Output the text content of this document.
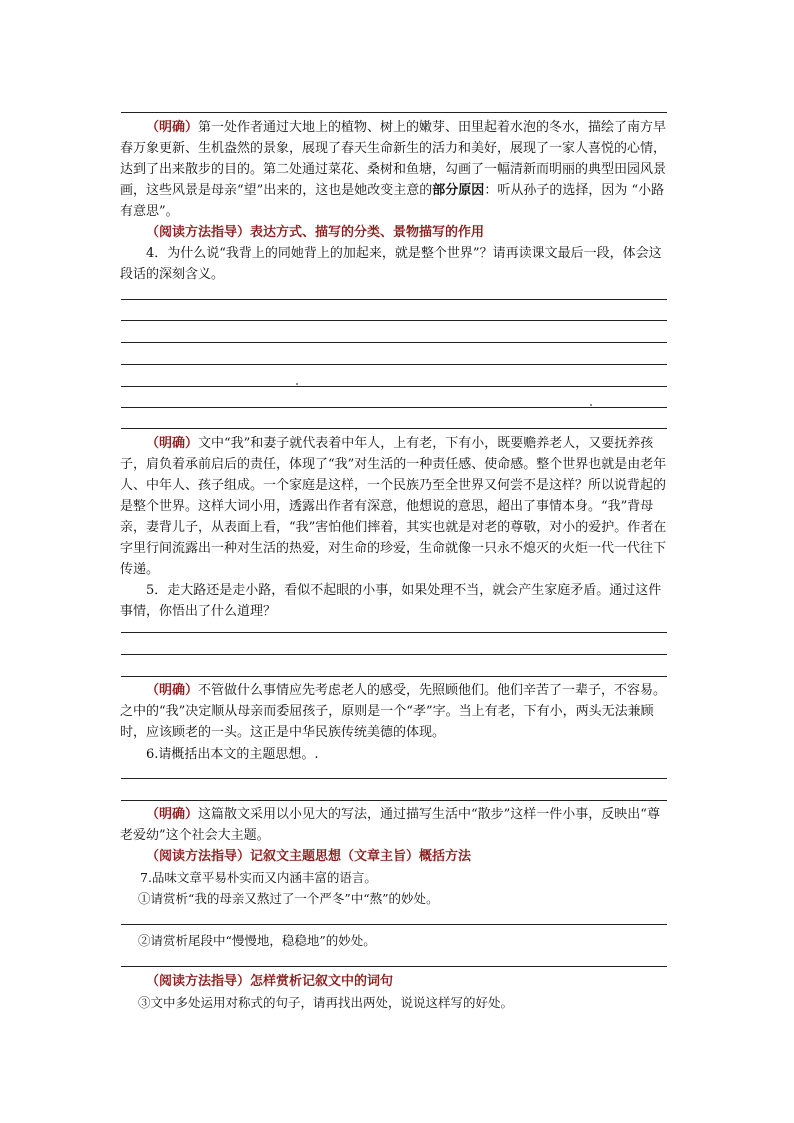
（明确）第一处作者通过大地上的植物、树上的嫩芽、田里起着水泡的冬水，描绘了南方早春万象更新、生机盎然的景象，展现了春天生命新生的活力和美好，展现了一家人喜悦的心情，达到了出来散步的目的。第二处通过菜花、桑树和鱼塘，勾画了一幅清新而明丽的典型田园风景画，这些风景是母亲“望”出来的，这也是她改变主意的部分原因：听从孙子的选择，因为 “小路有意思”。

（阅读方法指导）表达方式、描写的分类、景物描写的作用

4．为什么说“我背上的同她背上的加起来，就是整个世界”？请再读课文最后一段，体会这段话的深刻含义。

（明确）文中“我”和妻子就代表着中年人，上有老，下有小，既要赡养老人，又要抚养孩子，肩负着承前启后的责任，体现了“我”对生活的一种责任感、使命感。整个世界也就是由老年人、中年人、孩子组成。一个家庭是这样，一个民族乃至全世界又何尝不是这样？所以说背起的是整个世界。这样大词小用，透露出作者有深意，他想说的意思，超出了事情本身。“我”背母亲，妻背儿子，从表面上看，“我”害怕他们摔着，其实也就是对老的尊敬，对小的爱护。作者在字里行间流露出一种对生活的热爱，对生命的珍爱，生命就像一只永不熄灭的火炬一代一代往下传递。

5．走大路还是走小路，看似不起眼的小事，如果处理不当，就会产生家庭矛盾。通过这件事情，你悟出了什么道理？

（明确）不管做什么事情应先考虑老人的感受，先照顾他们。他们辛苦了一辈子，不容易。之中的“我”决定顺从母亲而委屈孩子，原则是一个“孝”字。当上有老，下有小，两头无法兼顾时，应该顾老的一头。这正是中华民族传统美德的体现。

6.请概括出本文的主题思想。.

（明确）这篇散文采用以小见大的写法，通过描写生活中“散步”这样一件小事，反映出“尊老爱幼”这个社会大主题。

（阅读方法指导）记叙文主题思想（文章主旨）概括方法
7.品味文章平易朴实而又内涵丰富的语言。
①请赏析“我的母亲又熬过了一个严冬”中“熬”的妙处。
②请赏析尾段中“慢慢地，稳稳地”的妙处。
（阅读方法指导）怎样赏析记叙文中的词句
③文中多处运用对称式的句子，请再找出两处，说说这样写的好处。
